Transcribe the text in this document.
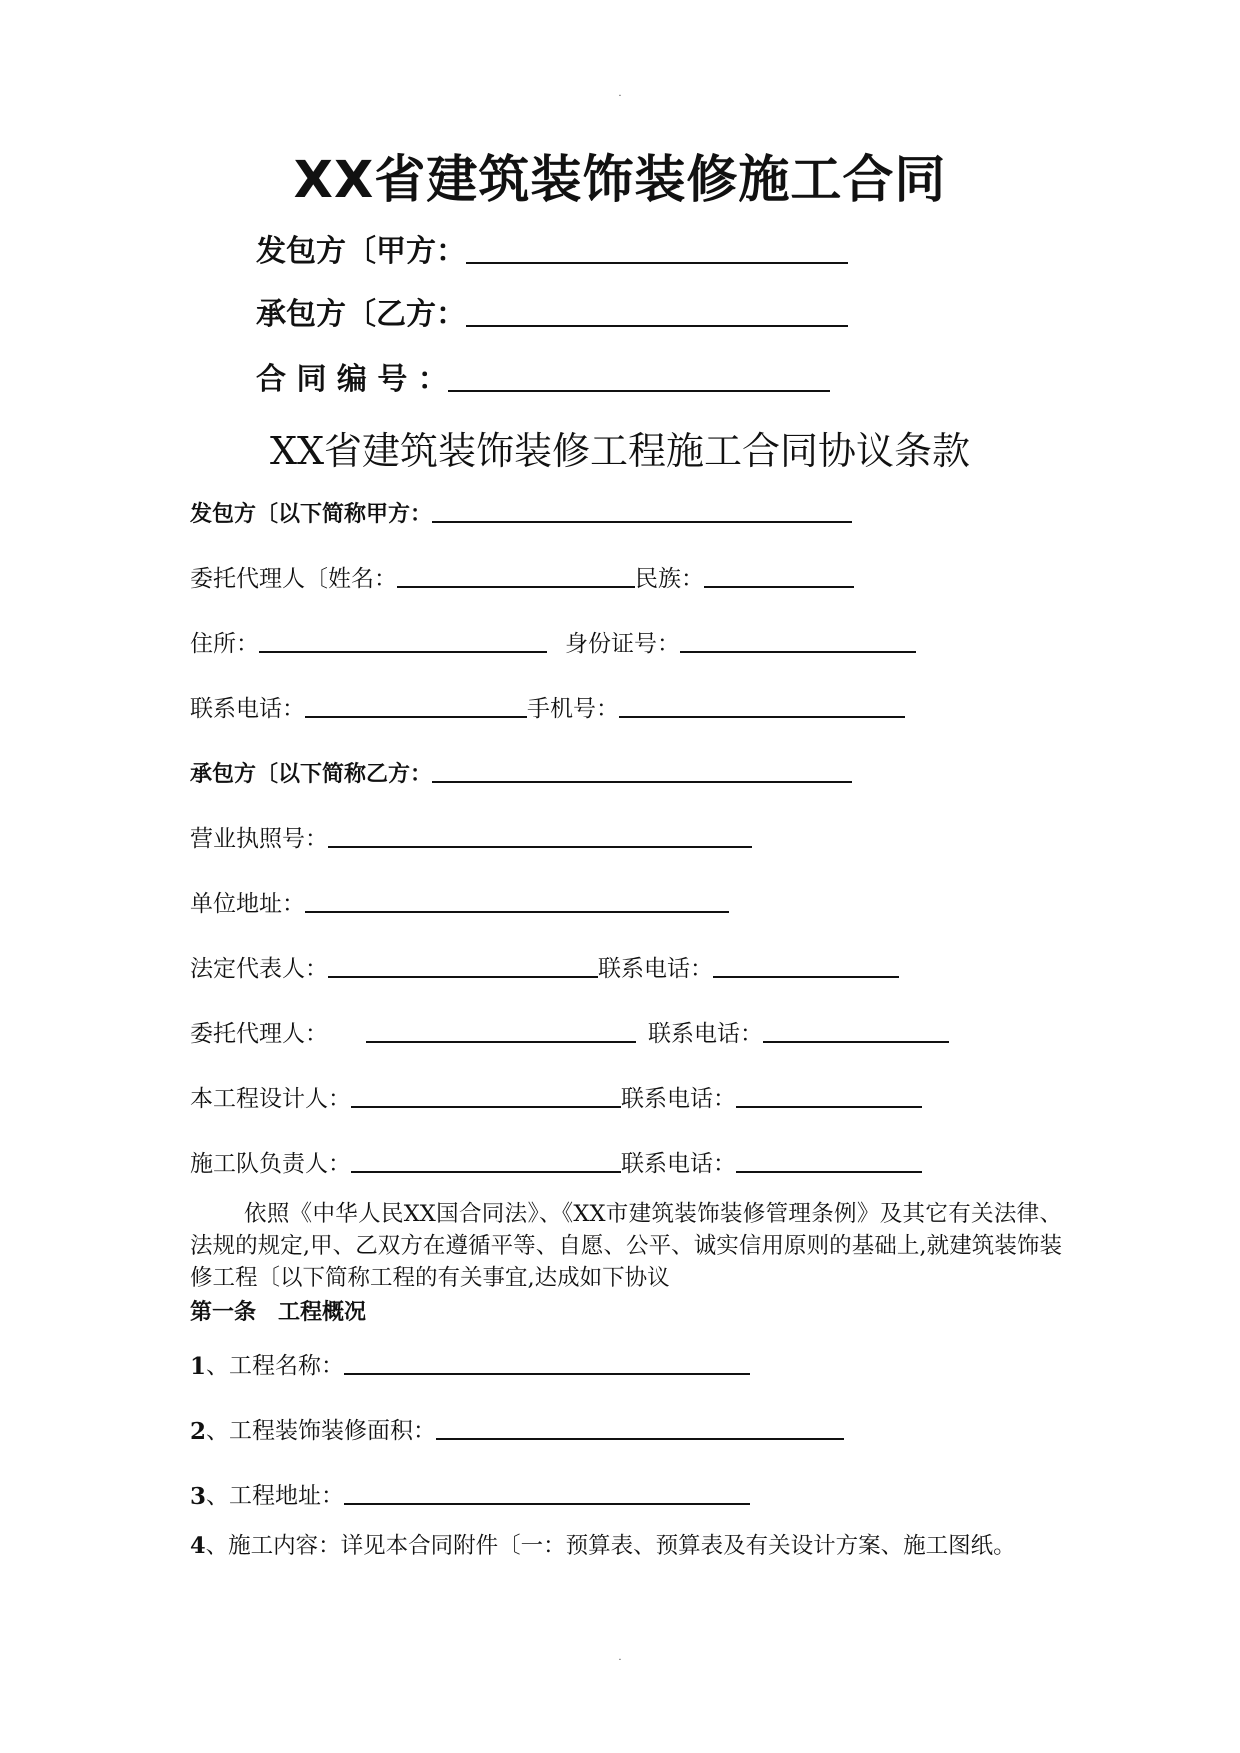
.
XX省建筑装饰装修施工合同
发包方〔甲方：
承包方〔乙方：
合 同 编 号 ：
XX省建筑装饰装修工程施工合同协议条款
发包方〔以下简称甲方：
委托代理人〔姓名：	民族：
住所：	身份证号：
联系电话：	手机号：
承包方〔以下简称乙方：
营业执照号：
单位地址：
法定代表人：	联系电话：
委托代理人：	联系电话：
本工程设计人：	联系电话：
施工队负责人：	联系电话：
依照《中华人民XX国合同法》、《XX市建筑装饰装修管理条例》及其它有关法律、法规的规定,甲、乙双方在遵循平等、自愿、公平、诚实信用原则的基础上,就建筑装饰装修工程〔以下简称工程的有关事宜,达成如下协议
第一条　工程概况
1 、工程名称：
2 、工程装饰装修面积：
3 、工程地址：
4、施工内容：详见本合同附件〔一：预算表、预算表及有关设计方案、施工图纸。
.
